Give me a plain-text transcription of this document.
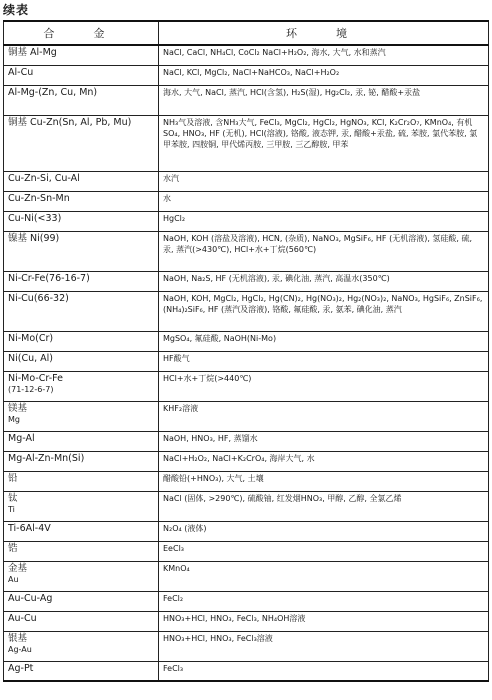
续表
合　金	环　境
铜基 Al-Mg	NaCl, CaCl, NH₄Cl, CoCl₂ NaCl+H₂O₂, 海水, 大气, 水和蒸汽
Al-Cu	NaCl, KCl, MgCl₂, NaCl+NaHCO₃, NaCl+H₂O₂
Al-Mg-(Zn, Cu, Mn)	海水, 大气, NaCl, 蒸汽, HCl(含氢), H₂S(湿), Hg₂Cl₂, 汞, 铋, 醋酸+汞盐
铜基 Cu-Zn(Sn, Al, Pb, Mu)	NH₃气及溶液, 含NH₃大气, FeCl₃, MgCl₂, HgCl₂, HgNO₃, KCl, K₂Cr₂O₇, KMnO₄, 有机SO₄, HNO₃, HF (无机), HCl(溶液), 铬酸, 液态钾, 汞, 醋酸+汞盐, 硫, 苯胺, 氯代苯胺, 氯甲苯胺, 四胺铜, 甲代烯丙胺, 三甲胺, 三乙醇胺, 甲苯
Cu-Zn-Si, Cu-Al	水汽
Cu-Zn-Sn-Mn	水
Cu-Ni(<33)	HgCl₂
镍基 Ni(99)	NaOH, KOH (溶盐及溶液), HCN, (杂质), NaNO₃, MgSiF₆, HF (无机溶液), 氢硅酸, 硫, 汞, 蒸汽(>430℃), HCl+水+丁烷(560℃)
Ni-Cr-Fe(76-16-7)	NaOH, Na₂S, HF (无机溶液), 汞, 碘化油, 蒸汽, 高温水(350℃)
Ni-Cu(66-32)	NaOH, KOH, MgCl₂, HgCl₂, Hg(CN)₂, Hg(NO₃)₂, Hg₂(NO₃)₂, NaNO₃, HgSiF₆, ZnSiF₆, (NH₄)₂SiF₆, HF (蒸汽及溶液), 铬酸, 氟硅酸, 汞, 氨苯, 碘化油, 蒸汽
Ni-Mo(Cr)	MgSO₄, 氟硅酸, NaOH(Ni-Mo)
Ni(Cu, Al)	HF酸气
Ni-Mo-Cr-Fe
(71-12-6-7)	HCl+水+丁烷(>440℃)
镁基
Mg	KHF₂溶液
Mg-Al	NaOH, HNO₃, HF, 蒸馏水
Mg-Al-Zn-Mn(Si)	NaCl+H₂O₂, NaCl+K₂CrO₄, 海岸大气, 水
铅	醋酸铅(+HNO₃), 大气, 土壤
钛
Ti	NaCl (固体, >290℃), 硫酸铀, 红发烟HNO₃, 甲醇, 乙醇, 全氯乙烯
Ti-6Al-4V	N₂O₄ (液体)
锆	EeCl₃
金基
Au	KMnO₄
Au-Cu-Ag	FeCl₂
Au-Cu	HNO₃+HCl, HNO₃, FeCl₃, NH₄OH溶液
银基
Ag-Au	HNO₃+HCl, HNO₃, FeCl₃溶液
Ag-Pt	FeCl₃
